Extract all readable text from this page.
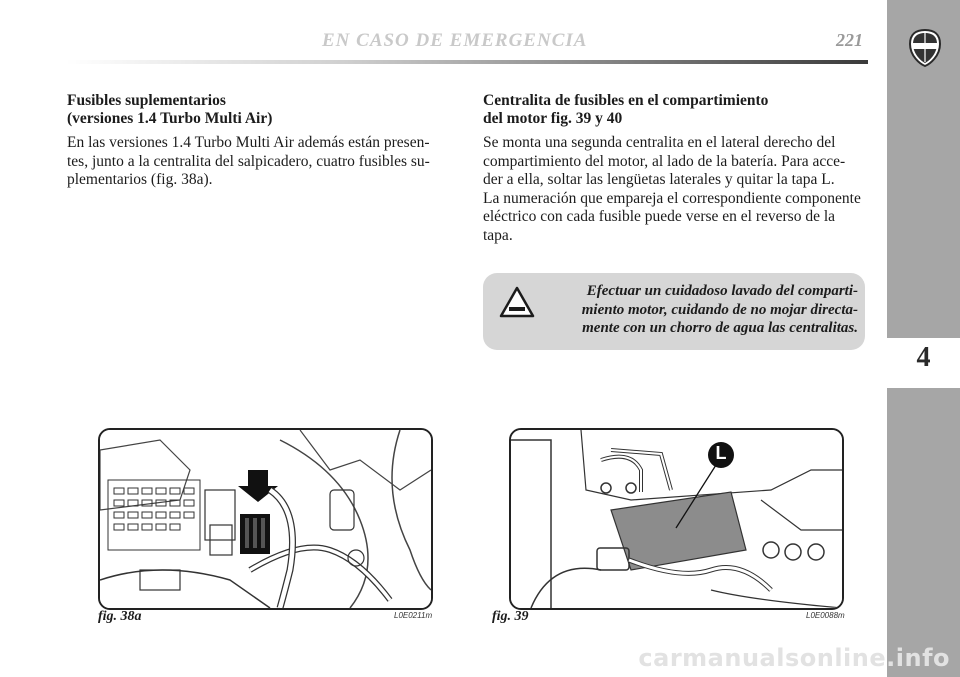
EN CASO DE EMERGENCIA	221
4
Fusibles suplementarios
(versiones 1.4 Turbo Multi Air)
En las versiones 1.4 Turbo Multi Air además están presen-
tes, junto a la centralita del salpicadero, cuatro fusibles su-
plementarios (fig. 38a).
Centralita de fusibles en el compartimiento
del motor fig. 39 y 40
Se monta una segunda centralita en el lateral derecho del
compartimiento del motor, al lado de la batería. Para acce-
der a ella, soltar las lengüetas laterales y quitar la tapa L.
La numeración que empareja el correspondiente componente
eléctrico con cada fusible puede verse en el reverso de la
tapa.
Efectuar un cuidadoso lavado del comparti-
miento motor, cuidando de no mojar directa-
mente con un chorro de agua las centralitas.
fig. 38a	L0E0211m
L
fig. 39	L0E0088m
carmanualsonline.info
